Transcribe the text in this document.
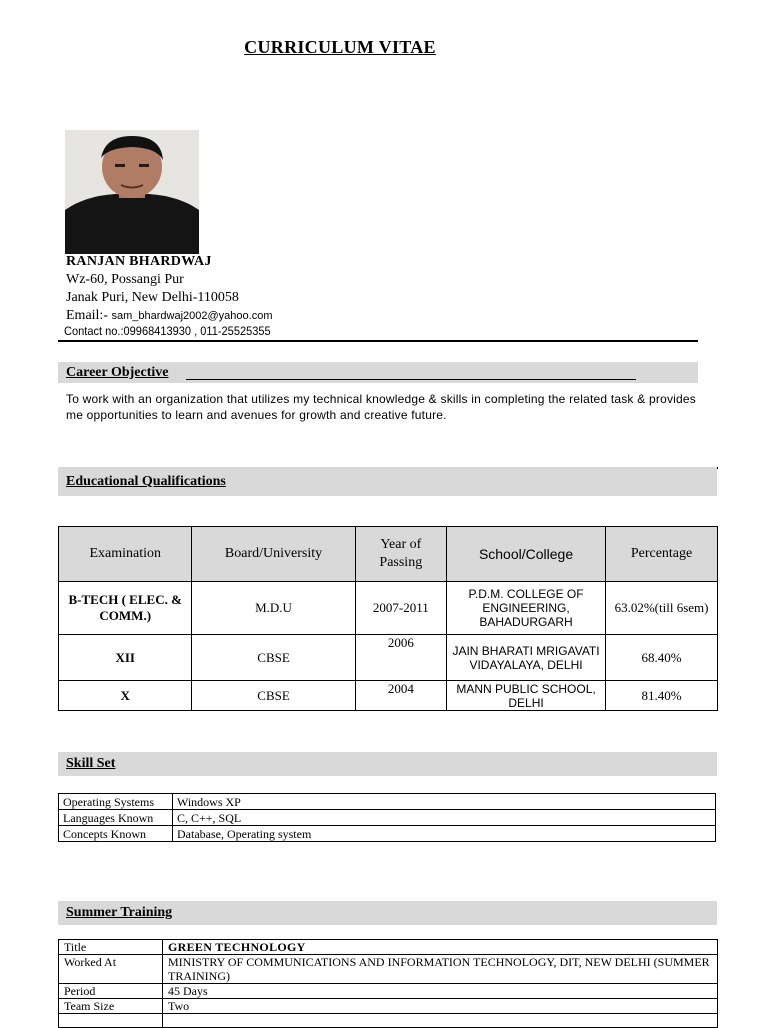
CURRICULUM VITAE
RANJAN BHARDWAJ
Wz-60, Possangi Pur
Janak Puri, New Delhi-110058
Email:- sam_bhardwaj2002@yahoo.com
Contact no.:09968413930 , 011-25525355
Career Objective
To work with an organization that utilizes my technical knowledge & skills in completing the related task & provides me opportunities to learn and avenues for growth and creative future.
Educational Qualifications
Examination	Board/University	Year of Passing	School/College	Percentage
B-TECH ( ELEC. & COMM.)	M.D.U	2007-2011	P.D.M. COLLEGE OF ENGINEERING, BAHADURGARH	63.02%(till 6sem)
XII	CBSE	2006	JAIN BHARATI MRIGAVATI VIDAYALAYA, DELHI	68.40%
X	CBSE	2004	MANN PUBLIC SCHOOL, DELHI	81.40%
Skill Set
Operating Systems	Windows XP
Languages Known	C, C++, SQL
Concepts Known	Database, Operating system
Summer Training
Title	GREEN TECHNOLOGY
Worked At	MINISTRY OF COMMUNICATIONS AND INFORMATION TECHNOLOGY, DIT, NEW DELHI (SUMMER TRAINING)
Period	45 Days
Team Size	Two
